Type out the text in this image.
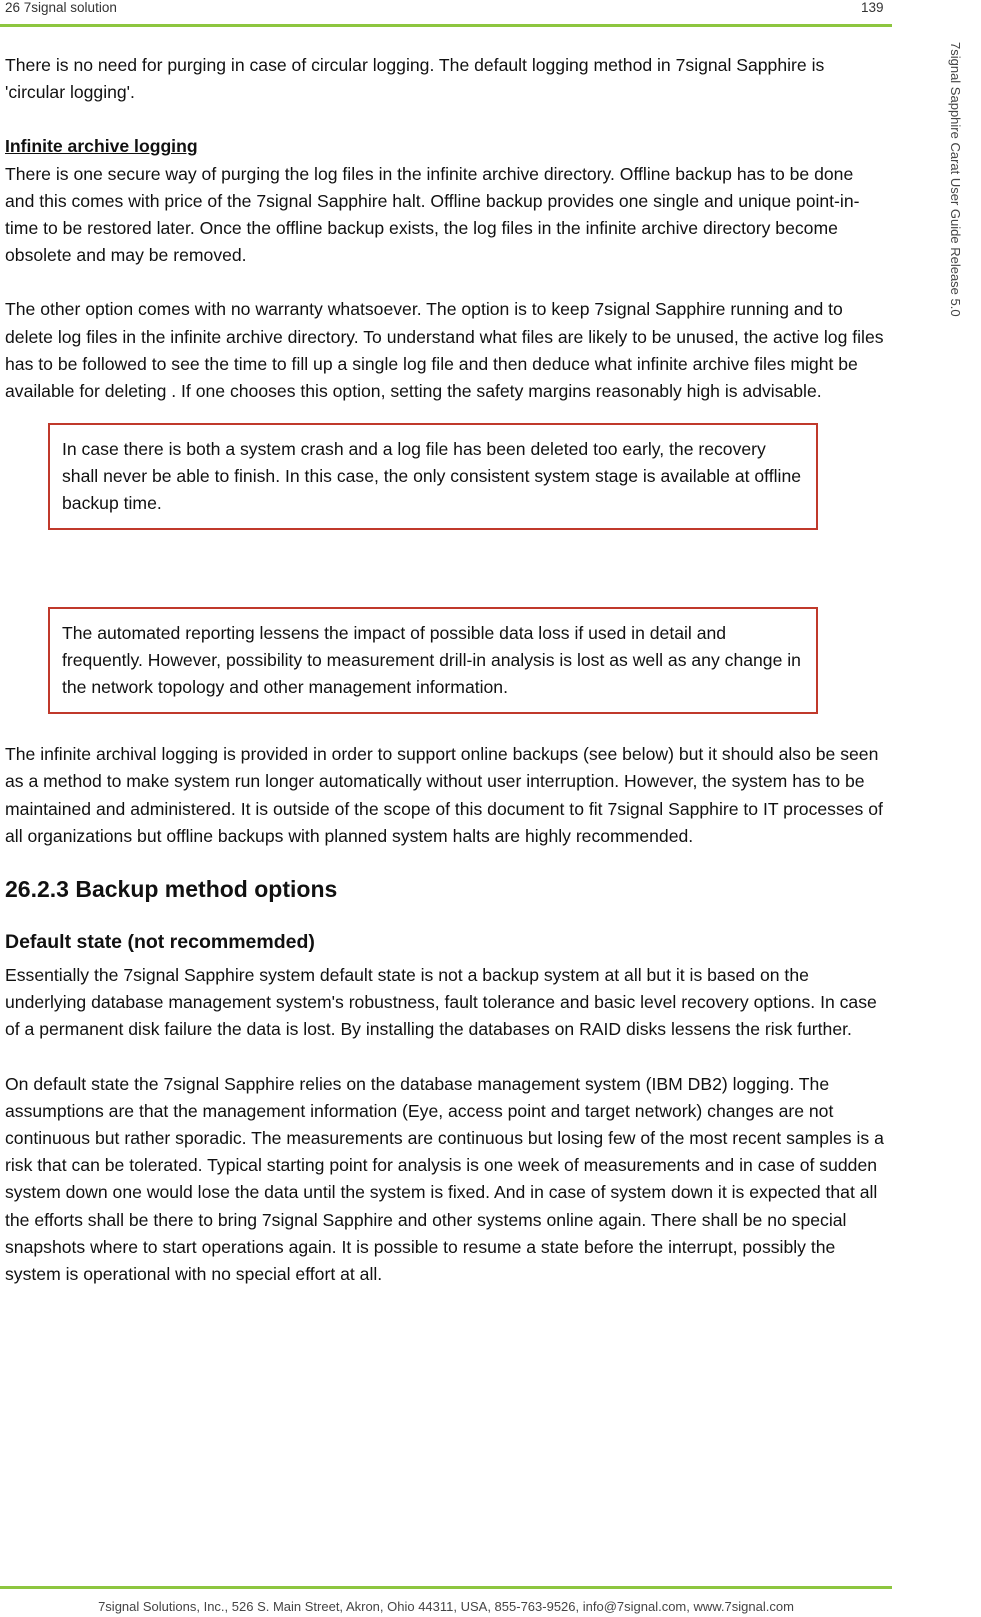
26 7signal solution	139
7signal Sapphire Carat User Guide Release 5.0

There is no need for purging in case of circular logging. The default logging method in 7signal Sapphire is 'circular logging'.

Infinite archive logging

There is one secure way of purging the log files in the infinite archive directory. Offline backup has to be done and this comes with price of the 7signal Sapphire halt. Offline backup provides one single and unique point-in-time to be restored later. Once the offline backup exists, the log files in the infinite archive directory become obsolete and may be removed.

The other option comes with no warranty whatsoever. The option is to keep 7signal Sapphire running and to delete log files in the infinite archive directory. To understand what files are likely to be unused, the active log files has to be followed to see the time to fill up a single log file and then deduce what infinite archive files might be available for deleting . If one chooses this option, setting the safety margins reasonably high is advisable.

In case there is both a system crash and a log file has been deleted too early, the recovery shall never be able to finish. In this case, the only consistent system stage is available at offline backup time.

The automated reporting lessens the impact of possible data loss if used in detail and frequently. However, possibility to measurement drill-in analysis is lost as well as any change in the network topology and other management information.

The infinite archival logging is provided in order to support online backups (see below) but it should also be seen as a method to make system run longer automatically without user interruption. However, the system has to be maintained and administered. It is outside of the scope of this document to fit 7signal Sapphire to IT processes of all organizations but offline backups with planned system halts are highly recommended.

26.2.3 Backup method options
Default state (not recommemded)

Essentially the 7signal Sapphire system default state is not a backup system at all but it is based on the underlying database management system's robustness, fault tolerance and basic level recovery options. In case of a permanent disk failure the data is lost. By installing the databases on RAID disks lessens the risk further.

On default state the 7signal Sapphire relies on the database management system (IBM DB2) logging. The assumptions are that the management information (Eye, access point and target network) changes are not continuous but rather sporadic. The measurements are continuous but losing few of the most recent samples is a risk that can be tolerated. Typical starting point for analysis is one week of measurements and in case of sudden system down one would lose the data until the system is fixed. And in case of system down it is expected that all the efforts shall be there to bring 7signal Sapphire and other systems online again. There shall be no special snapshots where to start operations again. It is possible to resume a state before the interrupt, possibly the system is operational with no special effort at all.

7signal Solutions, Inc., 526 S. Main Street, Akron, Ohio 44311, USA, 855-763-9526, info@7signal.com, www.7signal.com
